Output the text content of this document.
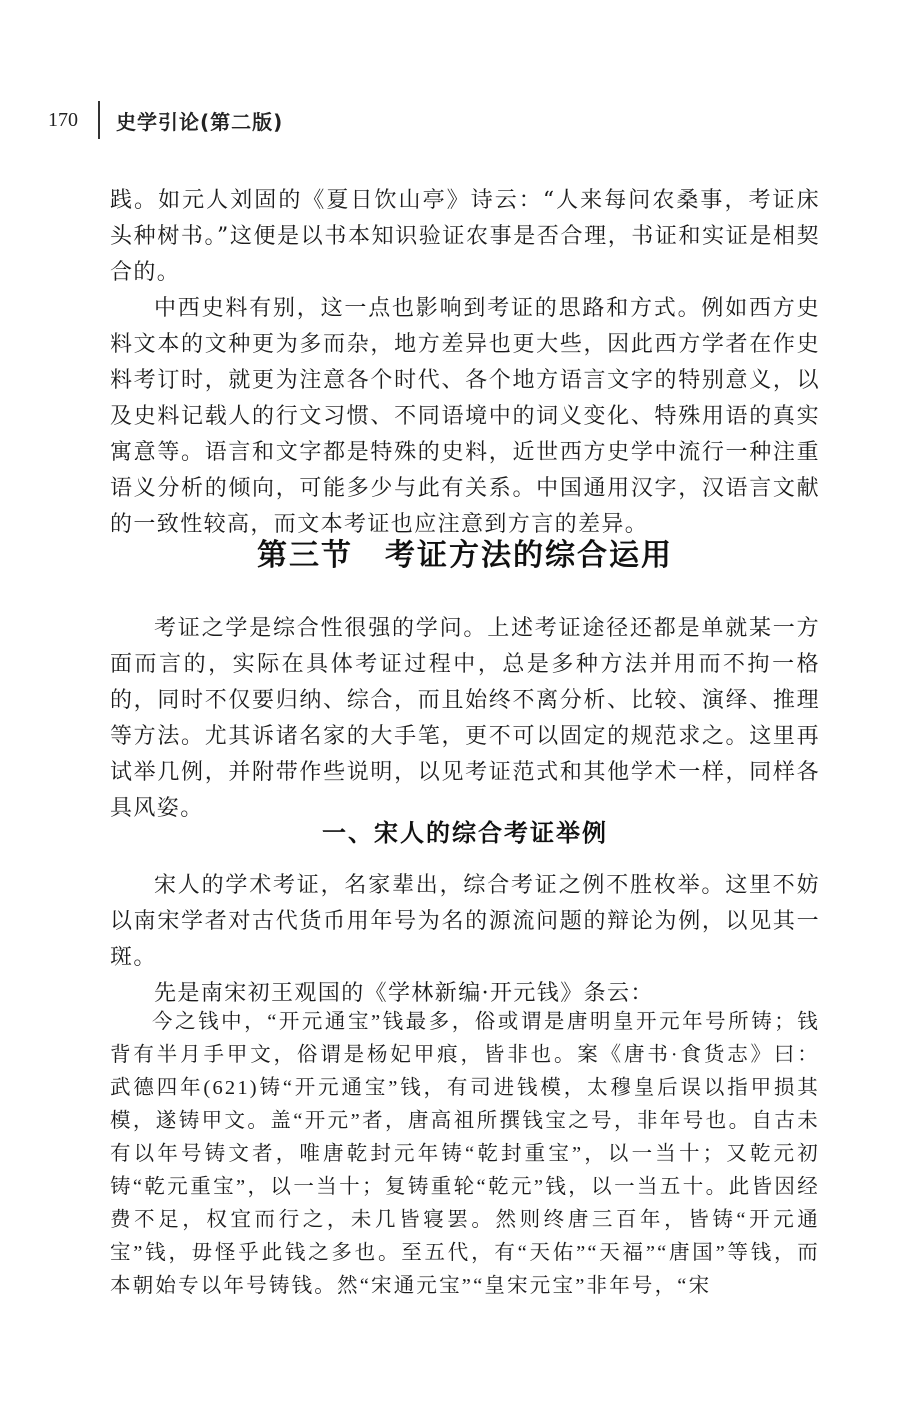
170 史学引论(第二版)

践。如元人刘固的《夏日饮山亭》诗云：“人来每问农桑事，考证床头种树书。”这便是以书本知识验证农事是否合理，书证和实证是相契合的。

中西史料有别，这一点也影响到考证的思路和方式。例如西方史料文本的文种更为多而杂，地方差异也更大些，因此西方学者在作史料考订时，就更为注意各个时代、各个地方语言文字的特别意义，以及史料记载人的行文习惯、不同语境中的词义变化、特殊用语的真实寓意等。语言和文字都是特殊的史料，近世西方史学中流行一种注重语义分析的倾向，可能多少与此有关系。中国通用汉字，汉语言文献的一致性较高，而文本考证也应注意到方言的差异。

第三节　考证方法的综合运用

考证之学是综合性很强的学问。上述考证途径还都是单就某一方面而言的，实际在具体考证过程中，总是多种方法并用而不拘一格的，同时不仅要归纳、综合，而且始终不离分析、比较、演绎、推理等方法。尤其诉诸名家的大手笔，更不可以固定的规范求之。这里再试举几例，并附带作些说明，以见考证范式和其他学术一样，同样各具风姿。

一、宋人的综合考证举例

宋人的学术考证，名家辈出，综合考证之例不胜枚举。这里不妨以南宋学者对古代货币用年号为名的源流问题的辩论为例，以见其一斑。

先是南宋初王观国的《学林新编·开元钱》条云：

今之钱中，“开元通宝”钱最多，俗或谓是唐明皇开元年号所铸；钱背有半月手甲文，俗谓是杨妃甲痕，皆非也。案《唐书·食货志》曰：武德四年(621)铸“开元通宝”钱，有司进钱模，太穆皇后误以指甲损其模，遂铸甲文。盖“开元”者，唐高祖所撰钱宝之号，非年号也。自古未有以年号铸文者，唯唐乾封元年铸“乾封重宝”，以一当十；又乾元初铸“乾元重宝”，以一当十；复铸重轮“乾元”钱，以一当五十。此皆因经费不足，权宜而行之，未几皆寝罢。然则终唐三百年，皆铸“开元通宝”钱，毋怪乎此钱之多也。至五代，有“天佑”“天福”“唐国”等钱，而本朝始专以年号铸钱。然“宋通元宝”“皇宋元宝”非年号，“宋
